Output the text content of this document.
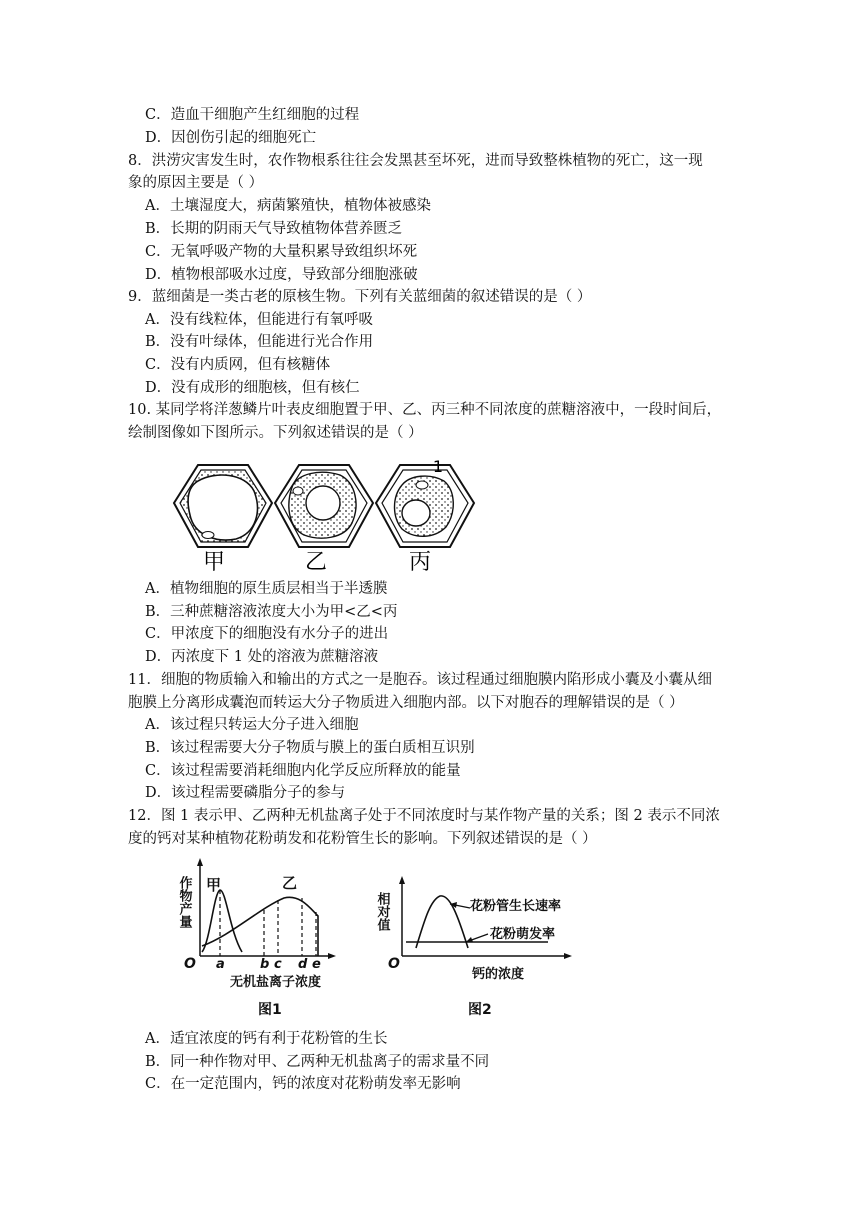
C．造血干细胞产生红细胞的过程
D．因创伤引起的细胞死亡
8．洪涝灾害发生时，农作物根系往往会发黑甚至坏死，进而导致整株植物的死亡，这一现
象的原因主要是（ ）
A．土壤湿度大，病菌繁殖快，植物体被感染
B．长期的阴雨天气导致植物体营养匮乏
C．无氧呼吸产物的大量积累导致组织坏死
D．植物根部吸水过度，导致部分细胞涨破
9．蓝细菌是一类古老的原核生物。下列有关蓝细菌的叙述错误的是（ ）
A．没有线粒体，但能进行有氧呼吸
B．没有叶绿体，但能进行光合作用
C．没有内质网，但有核糖体
D．没有成形的细胞核，但有核仁
10. 某同学将洋葱鳞片叶表皮细胞置于甲、乙、丙三种不同浓度的蔗糖溶液中，一段时间后，
绘制图像如下图所示。下列叙述错误的是（ ）
甲	乙
1
丙
A．植物细胞的原生质层相当于半透膜
B．三种蔗糖溶液浓度大小为甲<乙<丙
C．甲浓度下的细胞没有水分子的进出
D．丙浓度下 1 处的溶液为蔗糖溶液
11．细胞的物质输入和输出的方式之一是胞吞。该过程通过细胞膜内陷形成小囊及小囊从细
胞膜上分离形成囊泡而转运大分子物质进入细胞内部。以下对胞吞的理解错误的是（ ）
A．该过程只转运大分子进入细胞
B．该过程需要大分子物质与膜上的蛋白质相互识别
C．该过程需要消耗细胞内化学反应所释放的能量
D．该过程需要磷脂分子的参与
12．图 1 表示甲、乙两种无机盐离子处于不同浓度时与某作物产量的关系；图 2 表示不同浓
度的钙对某种植物花粉萌发和花粉管生长的影响。下列叙述错误的是（ ）
作物产量 甲	乙
O a	b c d e
无机盐离子浓度
图1
相对值	花粉管生长速率
花粉萌发率
O
钙的浓度
图2
A．适宜浓度的钙有利于花粉管的生长
B．同一种作物对甲、乙两种无机盐离子的需求量不同
C．在一定范围内，钙的浓度对花粉萌发率无影响
